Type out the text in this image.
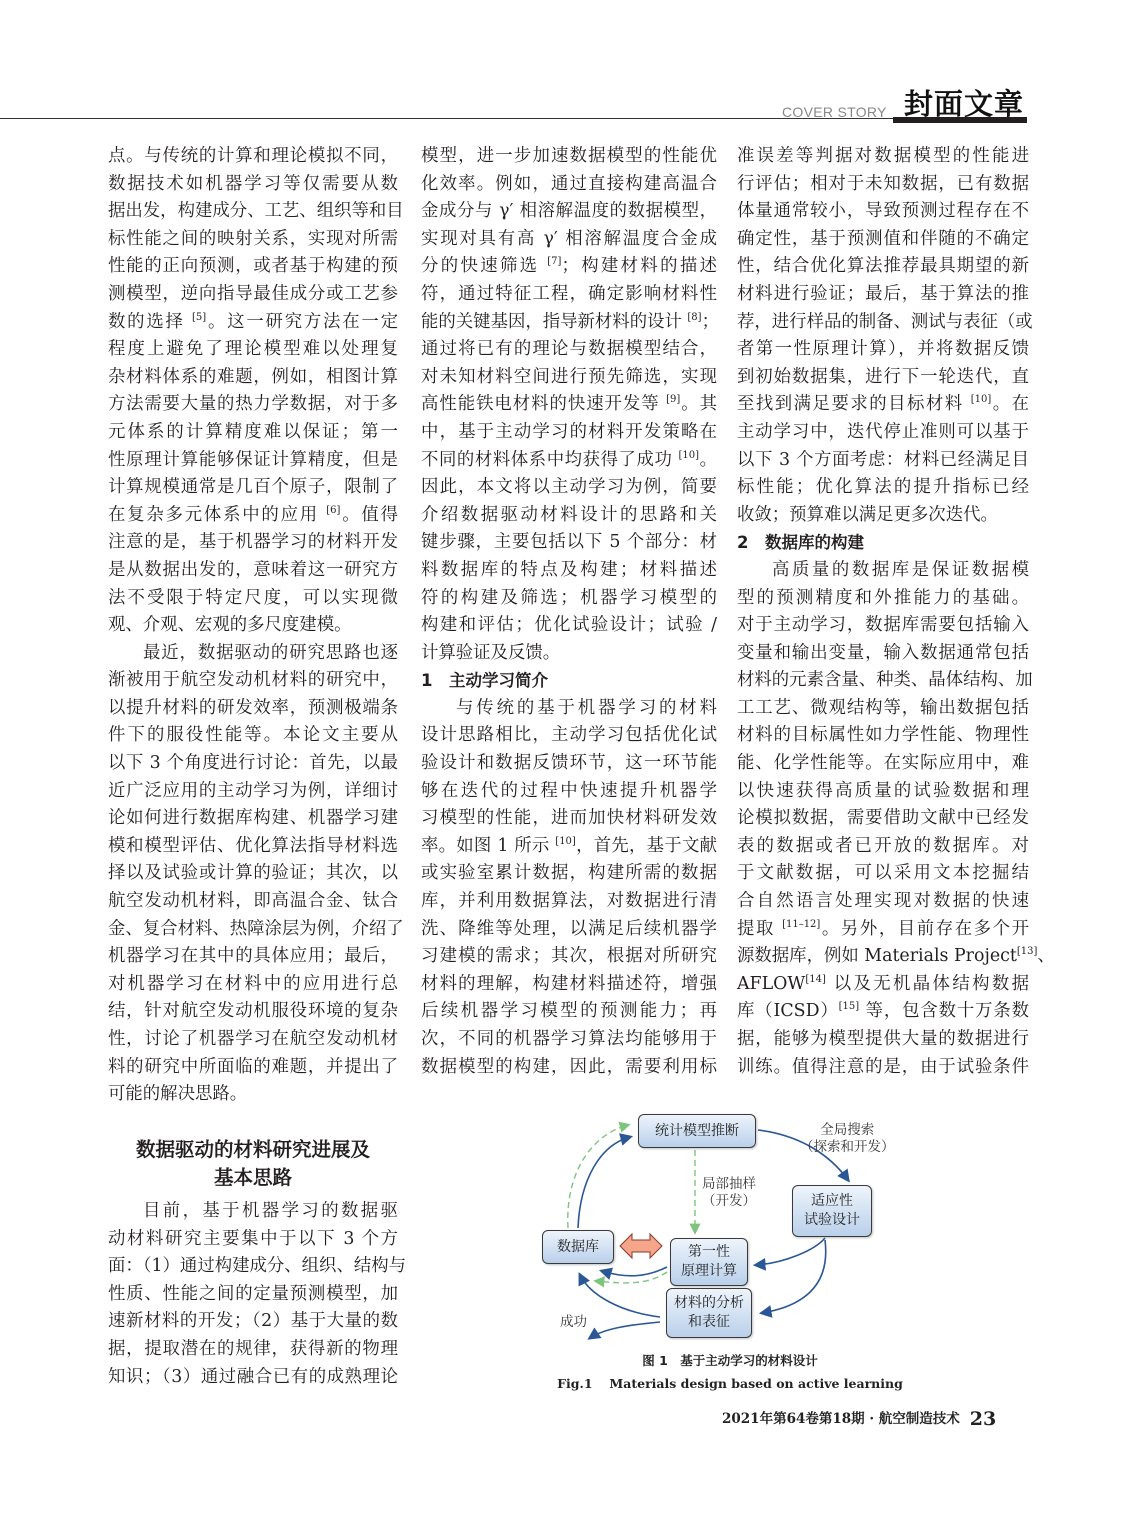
COVER STORY 封面文章
点。与传统的计算和理论模拟不同，
数据技术如机器学习等仅需要从数
据出发，构建成分、工艺、组织等和目
标性能之间的映射关系，实现对所需
性能的正向预测，或者基于构建的预
测模型，逆向指导最佳成分或工艺参
数的选择 [5]。这一研究方法在一定
程度上避免了理论模型难以处理复
杂材料体系的难题，例如，相图计算
方法需要大量的热力学数据，对于多
元体系的计算精度难以保证；第一
性原理计算能够保证计算精度，但是
计算规模通常是几百个原子，限制了
在复杂多元体系中的应用 [6]。值得
注意的是，基于机器学习的材料开发
是从数据出发的，意味着这一研究方
法不受限于特定尺度，可以实现微
观、介观、宏观的多尺度建模。
最近，数据驱动的研究思路也逐
渐被用于航空发动机材料的研究中，
以提升材料的研发效率，预测极端条
件下的服役性能等。本论文主要从
以下 3 个角度进行讨论：首先，以最
近广泛应用的主动学习为例，详细讨
论如何进行数据库构建、机器学习建
模和模型评估、优化算法指导材料选
择以及试验或计算的验证；其次，以
航空发动机材料，即高温合金、钛合
金、复合材料、热障涂层为例，介绍了
机器学习在其中的具体应用；最后，
对机器学习在材料中的应用进行总
结，针对航空发动机服役环境的复杂
性，讨论了机器学习在航空发动机材
料的研究中所面临的难题，并提出了
可能的解决思路。
数据驱动的材料研究进展及
基本思路
目前，基于机器学习的数据驱
动材料研究主要集中于以下 3 个方
面：（1）通过构建成分、组织、结构与
性质、性能之间的定量预测模型，加
速新材料的开发；（2）基于大量的数
据，提取潜在的规律，获得新的物理
知识；（3）通过融合已有的成熟理论
模型，进一步加速数据模型的性能优
化效率。例如，通过直接构建高温合
金成分与 γ′ 相溶解温度的数据模型，
实现对具有高 γ′ 相溶解温度合金成
分的快速筛选 [7]；构建材料的描述
符，通过特征工程，确定影响材料性
能的关键基因，指导新材料的设计 [8]；
通过将已有的理论与数据模型结合，
对未知材料空间进行预先筛选，实现
高性能铁电材料的快速开发等 [9]。其
中，基于主动学习的材料开发策略在
不同的材料体系中均获得了成功 [10]。
因此，本文将以主动学习为例，简要
介绍数据驱动材料设计的思路和关
键步骤，主要包括以下 5 个部分：材
料数据库的特点及构建；材料描述
符的构建及筛选；机器学习模型的
构建和评估；优化试验设计；试验 /
计算验证及反馈。
1 主动学习简介
与传统的基于机器学习的材料
设计思路相比，主动学习包括优化试
验设计和数据反馈环节，这一环节能
够在迭代的过程中快速提升机器学
习模型的性能，进而加快材料研发效
率。如图 1 所示 [10]，首先，基于文献
或实验室累计数据，构建所需的数据
库，并利用数据算法，对数据进行清
洗、降维等处理，以满足后续机器学
习建模的需求；其次，根据对所研究
材料的理解，构建材料描述符，增强
后续机器学习模型的预测能力；再
次，不同的机器学习算法均能够用于
数据模型的构建，因此，需要利用标
准误差等判据对数据模型的性能进
行评估；相对于未知数据，已有数据
体量通常较小，导致预测过程存在不
确定性，基于预测值和伴随的不确定
性，结合优化算法推荐最具期望的新
材料进行验证；最后，基于算法的推
荐，进行样品的制备、测试与表征（或
者第一性原理计算），并将数据反馈
到初始数据集，进行下一轮迭代，直
至找到满足要求的目标材料 [10]。在
主动学习中，迭代停止准则可以基于
以下 3 个方面考虑：材料已经满足目
标性能；优化算法的提升指标已经
收敛；预算难以满足更多次迭代。
2 数据库的构建
高质量的数据库是保证数据模
型的预测精度和外推能力的基础。
对于主动学习，数据库需要包括输入
变量和输出变量，输入数据通常包括
材料的元素含量、种类、晶体结构、加
工工艺、微观结构等，输出数据包括
材料的目标属性如力学性能、物理性
能、化学性能等。在实际应用中，难
以快速获得高质量的试验数据和理
论模拟数据，需要借助文献中已经发
表的数据或者已开放的数据库。对
于文献数据，可以采用文本挖掘结
合自然语言处理实现对数据的快速
提取 [11–12]。另外，目前存在多个开
源数据库，例如 Materials Project[13]、
AFLOW[14] 以及无机晶体结构数据
库（ICSD）[15] 等，包含数十万条数
据，能够为模型提供大量的数据进行
训练。值得注意的是，由于试验条件
统计模型推断
适应性
试验设计
数据库	第一性
原理计算
材料的分析
和表征
全局搜索
（探索和开发）
局部抽样
（开发）
成功
图 1　基于主动学习的材料设计
Fig.1　 Materials design based on active learning
2021年第64卷第18期 · 航空制造技术 23
